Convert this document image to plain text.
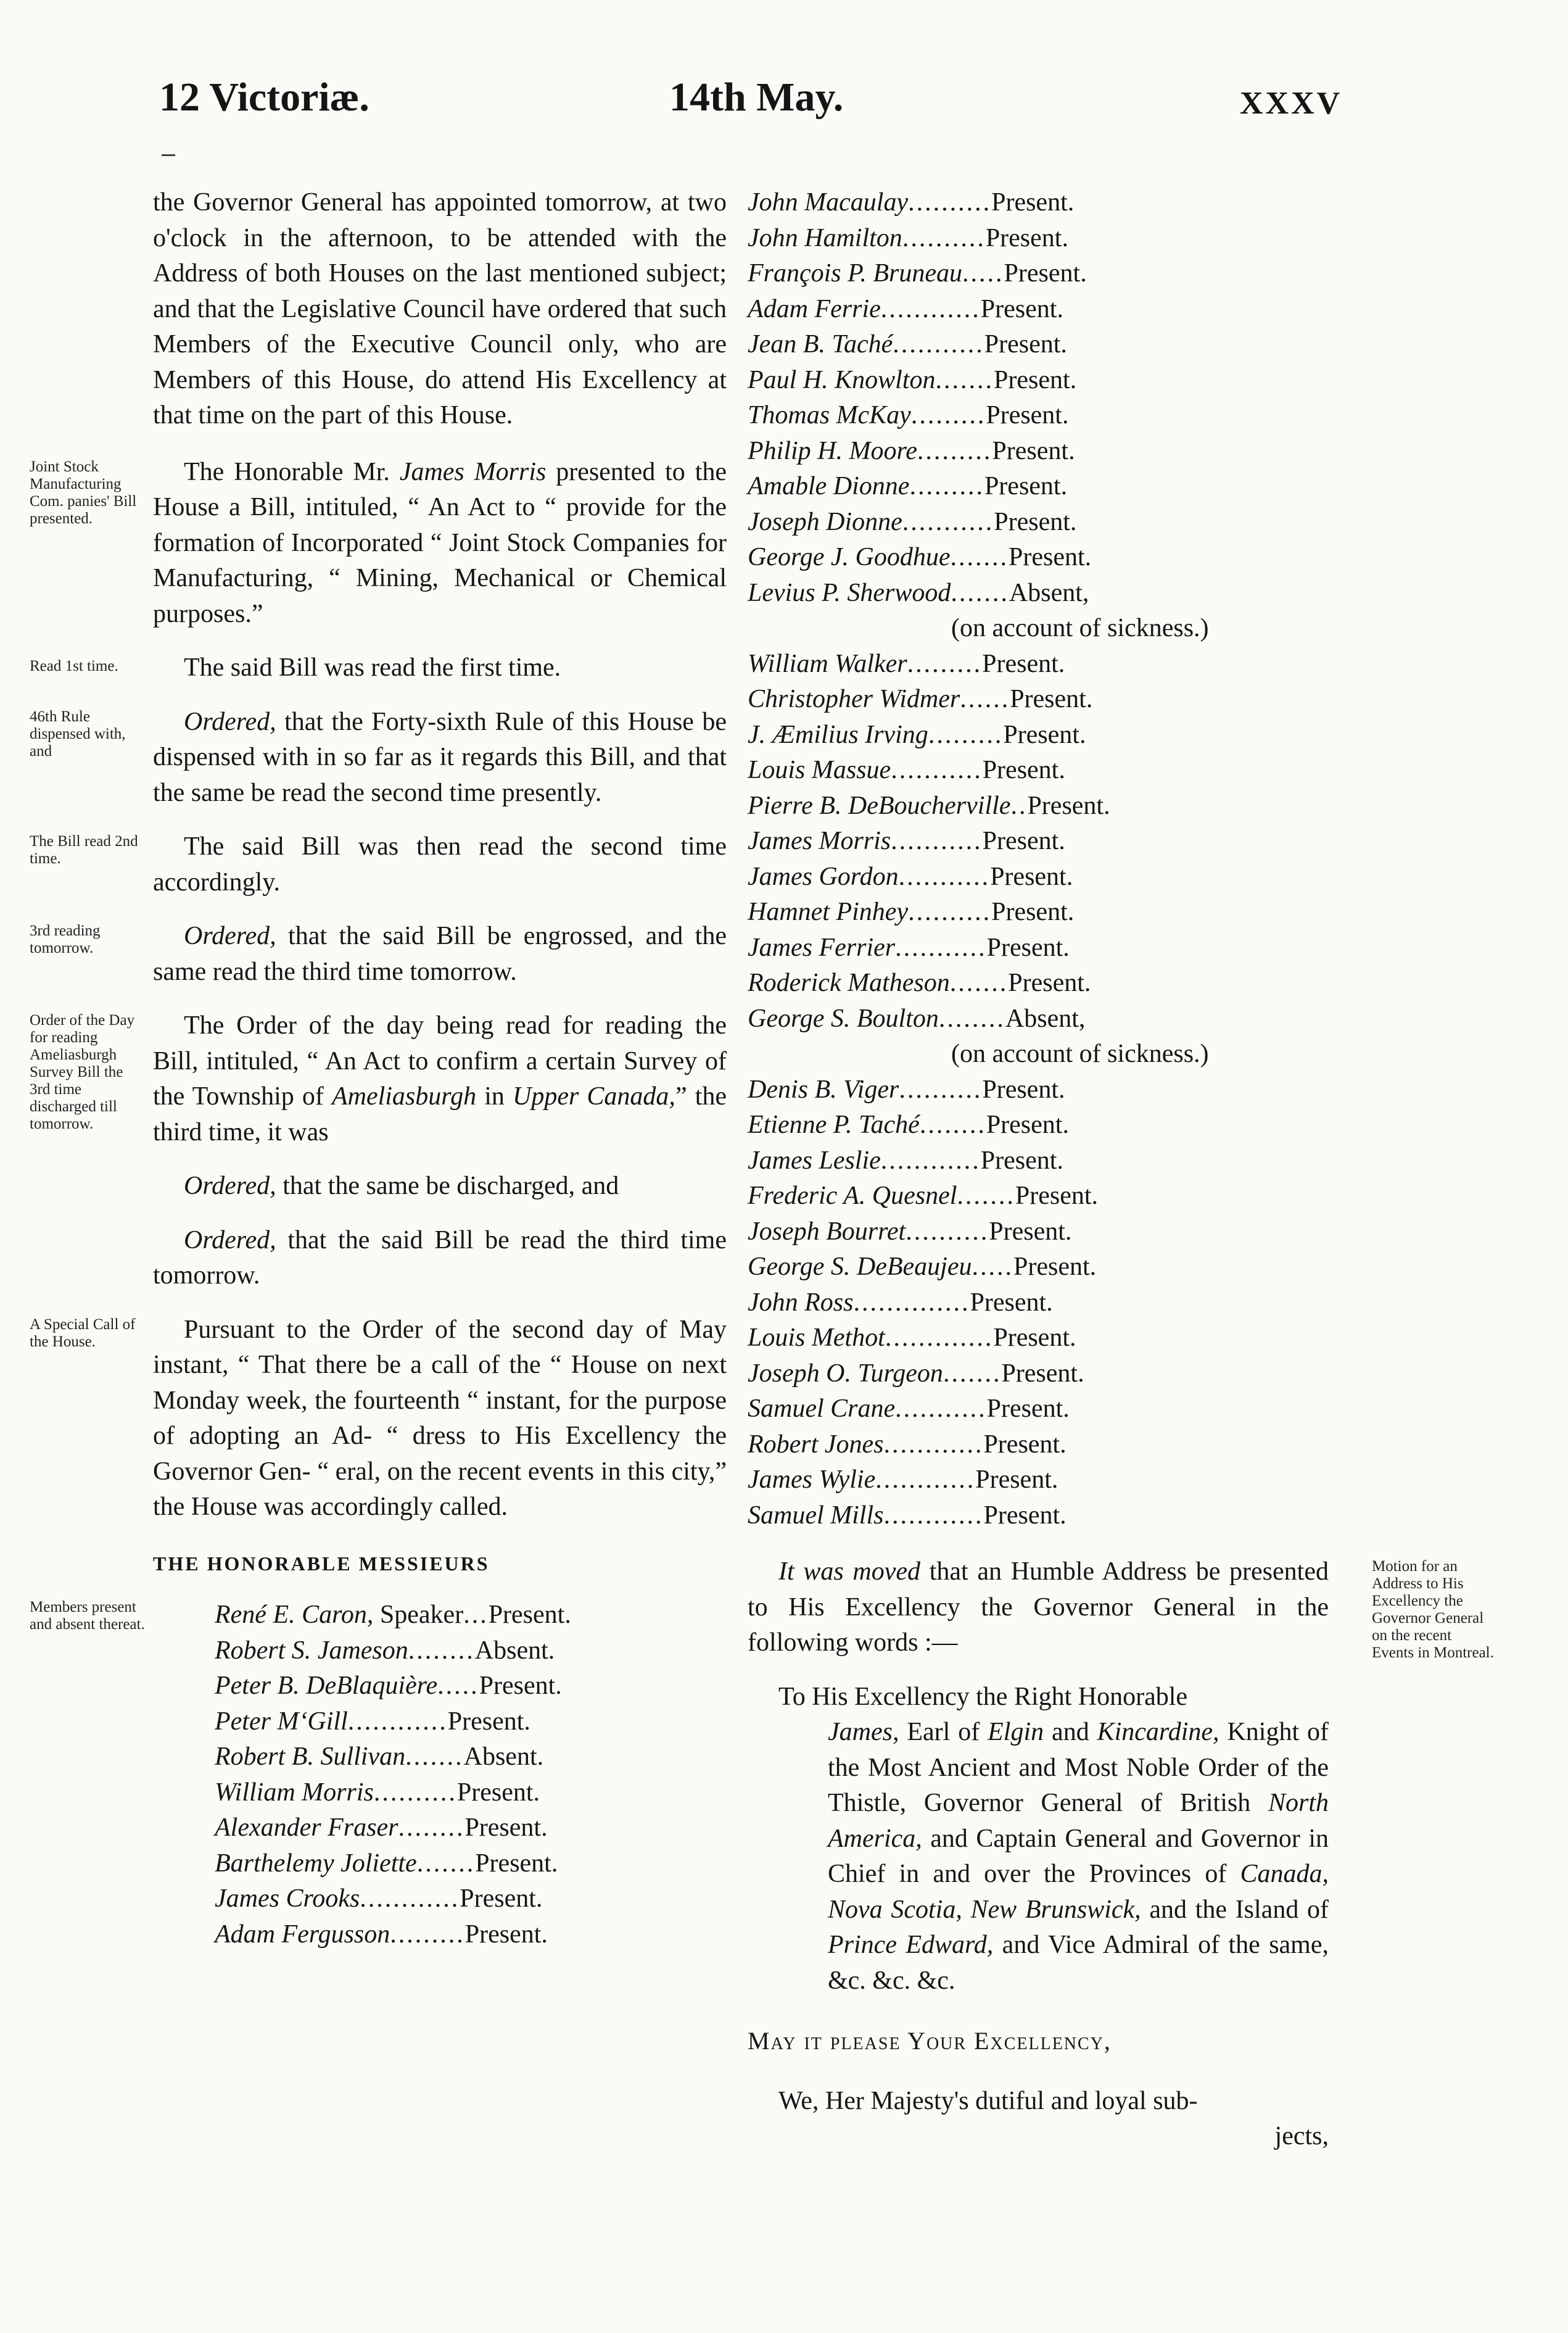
12 Victoriæ.	14th May.	XXXV

the Governor General has appointed tomorrow, at two o'clock in the afternoon, to be attended with the Address of both Houses on the last mentioned subject; and that the Legislative Council have ordered that such Members of the Executive Council only, who are Members of this House, do attend His Excellency at that time on the part of this House.

Joint Stock Manufacturing Com. panies' Bill presented.

The Honorable Mr. James Morris presented to the House a Bill, intituled, “ An Act to “ provide for the formation of Incorporated “ Joint Stock Companies for Manufacturing, “ Mining, Mechanical or Chemical purposes.”

Read 1st time.	The said Bill was read the first time.

46th Rule dispensed with, and

Ordered, that the Forty-sixth Rule of this House be dispensed with in so far as it regards this Bill, and that the same be read the second time presently.

The Bill read 2nd time.	The said Bill was then read the second time accordingly.

3rd reading tomorrow.	Ordered, that the said Bill be engrossed, and the same read the third time tomorrow.

Order of the Day for reading Ameliasburgh Survey Bill the 3rd time discharged till tomorrow.

The Order of the day being read for reading the Bill, intituled, “ An Act to confirm a certain Survey of the Township of Ameliasburgh in Upper Canada,” the third time, it was

Ordered, that the same be discharged, and

Ordered, that the said Bill be read the third time tomorrow.

A Special Call of the House.	Pursuant to the Order of the second day of May instant, “ That there be a call of the “ House on next Monday week, the fourteenth “ instant, for the purpose of adopting an Ad- “ dress to His Excellency the Governor Gen- “ eral, on the recent events in this city,” the House was accordingly called.

THE HONORABLE MESSIEURS
Members present and absent thereat.	René E. Caron, Speaker...Present.
Robert S. Jameson........Absent.
Peter B. DeBlaquière.....Present.
Peter M‘Gill............Present.
Robert B. Sullivan.......Absent.
William Morris..........Present.
Alexander Fraser........Present.
Barthelemy Joliette.......Present.
James Crooks............Present.
Adam Fergusson.........Present.
John Macaulay..........Present.
John Hamilton..........Present.
François P. Bruneau.....Present.
Adam Ferrie............Present.
Jean B. Taché...........Present.
Paul H. Knowlton.......Present.
Thomas McKay.........Present.
Philip H. Moore.........Present.
Amable Dionne.........Present.
Joseph Dionne...........Present.
George J. Goodhue.......Present.
Levius P. Sherwood.......Absent,
(on account of sickness.)
William Walker.........Present.
Christopher Widmer......Present.
J. Æmilius Irving.........Present.
Louis Massue...........Present.
Pierre B. DeBoucherville..Present.
James Morris...........Present.
James Gordon...........Present.
Hamnet Pinhey..........Present.
James Ferrier...........Present.
Roderick Matheson.......Present.
George S. Boulton........Absent,
(on account of sickness.)
Denis B. Viger..........Present.
Etienne P. Taché........Present.
James Leslie............Present.
Frederic A. Quesnel.......Present.
Joseph Bourret..........Present.
George S. DeBeaujeu.....Present.
John Ross..............Present.
Louis Methot.............Present.
Joseph O. Turgeon.......Present.
Samuel Crane...........Present.
Robert Jones............Present.
James Wylie............Present.
Samuel Mills............Present.
Motion for an Address to His Excellency the Governor General on the recent Events in Montreal.

It was moved that an Humble Address be presented to His Excellency the Governor General in the following words :—

To His Excellency the Right Honorable
James, Earl of Elgin and Kincardine, Knight of the Most Ancient and Most Noble Order of the Thistle, Governor General of British North America, and Captain General and Governor in Chief in and over the Provinces of Canada, Nova Scotia, New Brunswick, and the Island of Prince Edward, and Vice Admiral of the same, &c. &c. &c.

May it please Your Excellency,

We, Her Majesty's dutiful and loyal sub-

jects,
